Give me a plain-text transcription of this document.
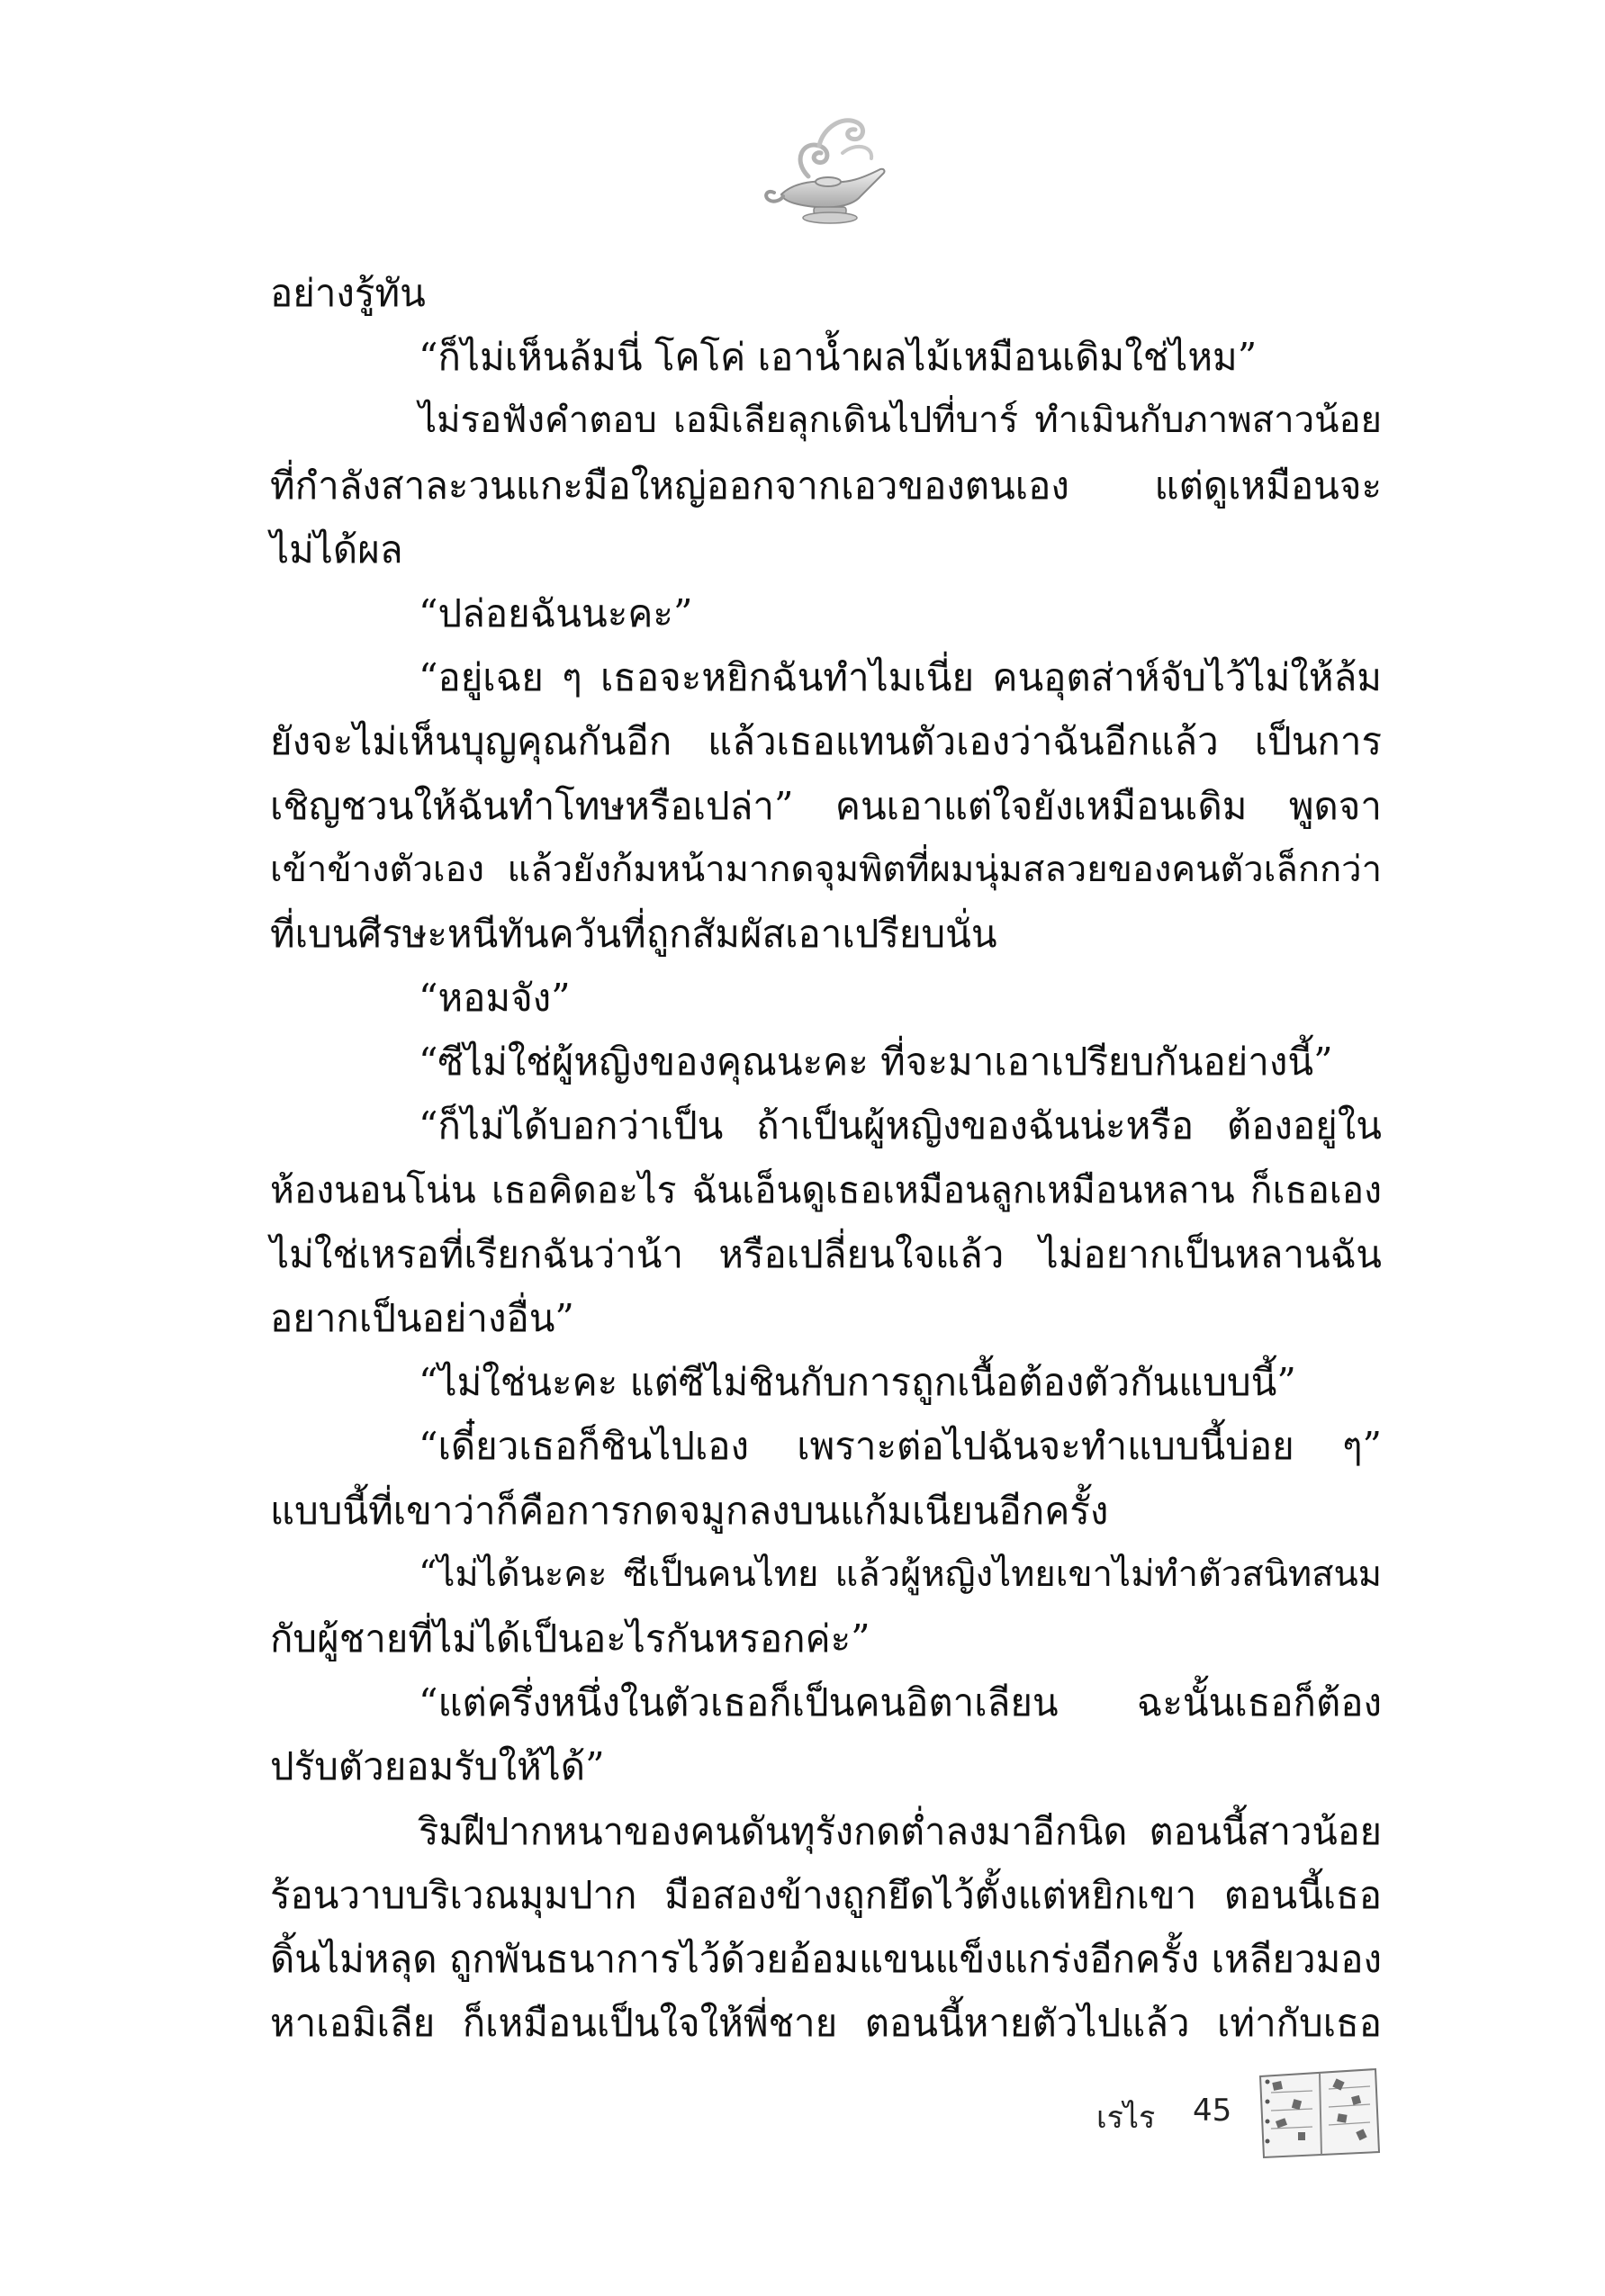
อย่างรู้ทัน
“ก็ไม่เห็นล้มนี่ โคโค่ เอาน้ำผลไม้เหมือนเดิมใช่ไหม”
ไม่รอฟังคำตอบ เอมิเลียลุกเดินไปที่บาร์ ทำเมินกับภาพสาวน้อย
ที่กำลังสาละวนแกะมือใหญ่ออกจากเอวของตนเอง แต่ดูเหมือนจะ
ไม่ได้ผล
“ปล่อยฉันนะคะ”
“อยู่เฉย ๆ เธอจะหยิกฉันทำไมเนี่ย คนอุตส่าห์จับไว้ไม่ให้ล้ม
ยังจะไม่เห็นบุญคุณกันอีก แล้วเธอแทนตัวเองว่าฉันอีกแล้ว เป็นการ
เชิญชวนให้ฉันทำโทษหรือเปล่า” คนเอาแต่ใจยังเหมือนเดิม พูดจา
เข้าข้างตัวเอง แล้วยังก้มหน้ามากดจุมพิตที่ผมนุ่มสลวยของคนตัวเล็กกว่า
ที่เบนศีรษะหนีทันควันที่ถูกสัมผัสเอาเปรียบนั่น
“หอมจัง”
“ซีไม่ใช่ผู้หญิงของคุณนะคะ ที่จะมาเอาเปรียบกันอย่างนี้”
“ก็ไม่ได้บอกว่าเป็น ถ้าเป็นผู้หญิงของฉันน่ะหรือ ต้องอยู่ใน
ห้องนอนโน่น เธอคิดอะไร ฉันเอ็นดูเธอเหมือนลูกเหมือนหลาน ก็เธอเอง
ไม่ใช่เหรอที่เรียกฉันว่าน้า หรือเปลี่ยนใจแล้ว ไม่อยากเป็นหลานฉัน
อยากเป็นอย่างอื่น”
“ไม่ใช่นะคะ แต่ซีไม่ชินกับการถูกเนื้อต้องตัวกันแบบนี้”
“เดี๋ยวเธอก็ชินไปเอง เพราะต่อไปฉันจะทำแบบนี้บ่อย ๆ”
แบบนี้ที่เขาว่าก็คือการกดจมูกลงบนแก้มเนียนอีกครั้ง
“ไม่ได้นะคะ ซีเป็นคนไทย แล้วผู้หญิงไทยเขาไม่ทำตัวสนิทสนม
กับผู้ชายที่ไม่ได้เป็นอะไรกันหรอกค่ะ”
“แต่ครึ่งหนึ่งในตัวเธอก็เป็นคนอิตาเลียน ฉะนั้นเธอก็ต้อง
ปรับตัวยอมรับให้ได้”
ริมฝีปากหนาของคนดันทุรังกดต่ำลงมาอีกนิด ตอนนี้สาวน้อย
ร้อนวาบบริเวณมุมปาก มือสองข้างถูกยึดไว้ตั้งแต่หยิกเขา ตอนนี้เธอ
ดิ้นไม่หลุด ถูกพันธนาการไว้ด้วยอ้อมแขนแข็งแกร่งอีกครั้ง เหลียวมอง
หาเอมิเลีย ก็เหมือนเป็นใจให้พี่ชาย ตอนนี้หายตัวไปแล้ว เท่ากับเธอ
เรไร 45
